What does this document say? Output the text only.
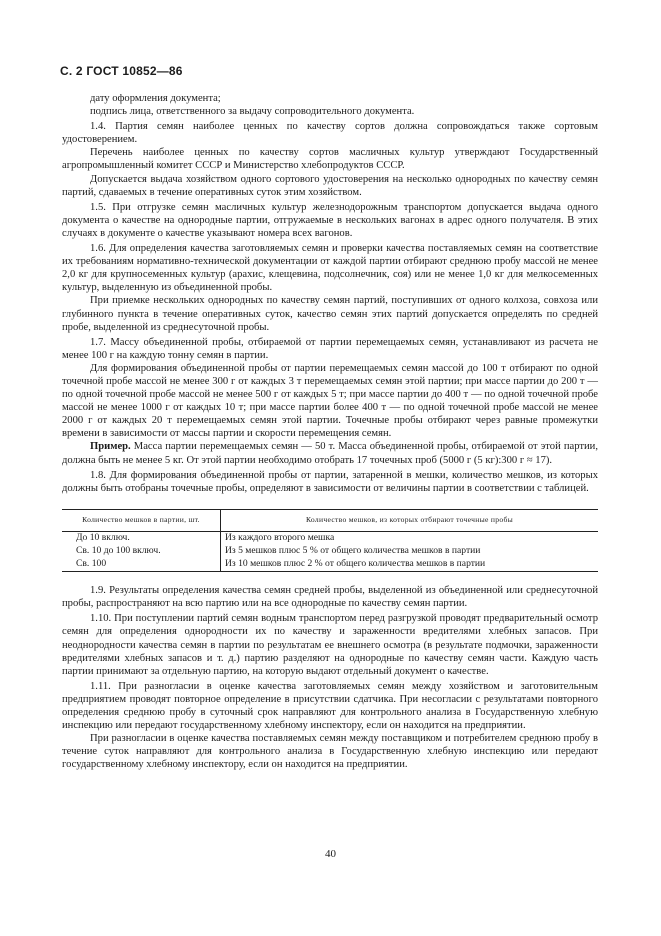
С. 2 ГОСТ 10852—86

дату оформления документа;

подпись лица, ответственного за выдачу сопроводительного документа.

1.4. Партия семян наиболее ценных по качеству сортов должна сопровождаться также сортовым удостоверением.

Перечень наиболее ценных по качеству сортов масличных культур утверждают Государственный агропромышленный комитет СССР и Министерство хлебопродуктов СССР.

Допускается выдача хозяйством одного сортового удостоверения на несколько однородных по качеству семян партий, сдаваемых в течение оперативных суток этим хозяйством.

1.5. При отгрузке семян масличных культур железнодорожным транспортом допускается выдача одного документа о качестве на однородные партии, отгружаемые в нескольких вагонах в адрес одного получателя. В этих случаях в документе о качестве указывают номера всех вагонов.

1.6. Для определения качества заготовляемых семян и проверки качества поставляемых семян на соответствие их требованиям нормативно-технической документации от каждой партии отбирают среднюю пробу массой не менее 2,0 кг для крупносеменных культур (арахис, клещевина, подсолнечник, соя) или не менее 1,0 кг для мелкосеменных культур, выделенную из объединенной пробы.

При приемке нескольких однородных по качеству семян партий, поступивших от одного колхоза, совхоза или глубинного пункта в течение оперативных суток, качество семян этих партий допускается определять по средней пробе, выделенной из среднесуточной пробы.

1.7. Массу объединенной пробы, отбираемой от партии перемещаемых семян, устанавливают из расчета не менее 100 г на каждую тонну семян в партии.

Для формирования объединенной пробы от партии перемещаемых семян массой до 100 т отбирают по одной точечной пробе массой не менее 300 г от каждых 3 т перемещаемых семян этой партии; при массе партии до 200 т — по одной точечной пробе массой не менее 500 г от каждых 5 т; при массе партии до 400 т — по одной точечной пробе массой не менее 1000 г от каждых 10 т; при массе партии более 400 т — по одной точечной пробе массой не менее 2000 г от каждых 20 т перемещаемых семян этой партии. Точечные пробы отбирают через равные промежутки времени в зависимости от массы партии и скорости перемещения семян.

Пример. Масса партии перемещаемых семян — 50 т. Масса объединенной пробы, отбираемой от этой партии, должна быть не менее 5 кг. От этой партии необходимо отобрать 17 точечных проб (5000 г (5 кг):300 г ≈ 17).

1.8. Для формирования объединенной пробы от партии, затаренной в мешки, количество мешков, из которых должны быть отобраны точечные пробы, определяют в зависимости от величины партии в соответствии с таблицей.

Количество мешков в партии, шт.	Количество мешков, из которых отбирают точечные пробы
До 10 включ.	Из каждого второго мешка
Св. 10 до 100 включ.	Из 5 мешков плюс 5 % от общего количества мешков в партии
Св. 100	Из 10 мешков плюс 2 % от общего количества мешков в партии

1.9. Результаты определения качества семян средней пробы, выделенной из объединенной или среднесуточной пробы, распространяют на всю партию или на все однородные по качеству семян партии.

1.10. При поступлении партий семян водным транспортом перед разгрузкой проводят предварительный осмотр семян для определения однородности их по качеству и зараженности вредителями хлебных запасов. При неоднородности качества семян в партии по результатам ее внешнего осмотра (в результате подмочки, зараженности вредителями хлебных запасов и т. д.) партию разделяют на однородные по качеству семян части. Каждую часть партии принимают за отдельную партию, на которую выдают отдельный документ о качестве.

1.11. При разногласии в оценке качества заготовляемых семян между хозяйством и заготовительным предприятием проводят повторное определение в присутствии сдатчика. При несогласии с результатами повторного определения среднюю пробу в суточный срок направляют для контрольного анализа в Государственную хлебную инспекцию или передают государственному хлебному инспектору, если он находится на предприятии.

При разногласии в оценке качества поставляемых семян между поставщиком и потребителем среднюю пробу в течение суток направляют для контрольного анализа в Государственную хлебную инспекцию или передают государственному хлебному инспектору, если он находится на предприятии.

40
